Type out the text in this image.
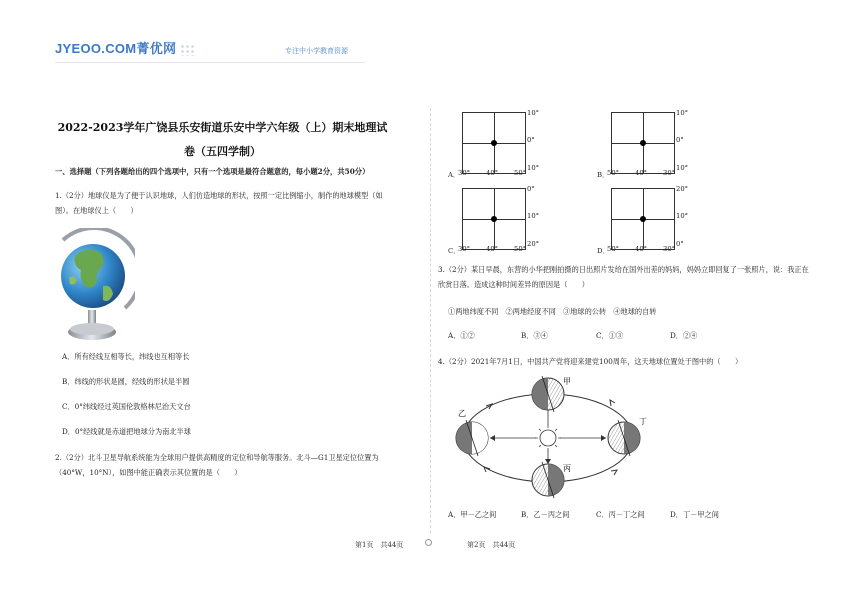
JYEOO.COM菁优网	专注中小学教育资源
2022-2023学年广饶县乐安街道乐安中学六年级（上）期末地理试卷（五四学制）
一、选择题（下列各题给出的四个选项中，只有一个选项是最符合题意的，每小题2分，共50分）
1.（2分）地球仪是为了便于认识地球，人们仿造地球的形状，按照一定比例缩小，制作的地球模型（如图）。在地球仪上（　　）
A．所有经线互相等长，纬线也互相等长
B．纬线的形状是圆，经线的形状是半圆
C．0°纬线经过英国伦敦格林尼治天文台
D．0°经线就是赤道把地球分为南北半球
2.（2分）北斗卫星导航系统能为全球用户提供高精度的定位和导航等服务。北斗—G1卫星定位位置为（40°W，10°N），如图中能正确表示其位置的是（　　）
A．
30° 40° 50°
10°
0°
10°
B．
50° 40° 30°
10°
0°
10°
C．
30° 40° 50°
0°
10°
20°
D．
50° 40° 30°
20°
10°
0°
3.（2分）某日早晨，东营的小华把刚拍摄的日出照片发给在国外出差的妈妈，妈妈立即回复了一张照片，说：我正在欣赏日落。造成这种时间差异的原因是（　　）
①两地纬度不同　②两地经度不同　③地球的公转　④地球的自转
A．①②	B．③④	C．①③	D．②④
4.（2分）2021年7月1日，中国共产党将迎来建党100周年，这天地球位置处于图中的（　　）
甲
乙
丙
丁
A．甲－乙之间	B．乙－丙之间	C．丙－丁之间	D．丁－甲之间
第1页　共44页	第2页　共44页
